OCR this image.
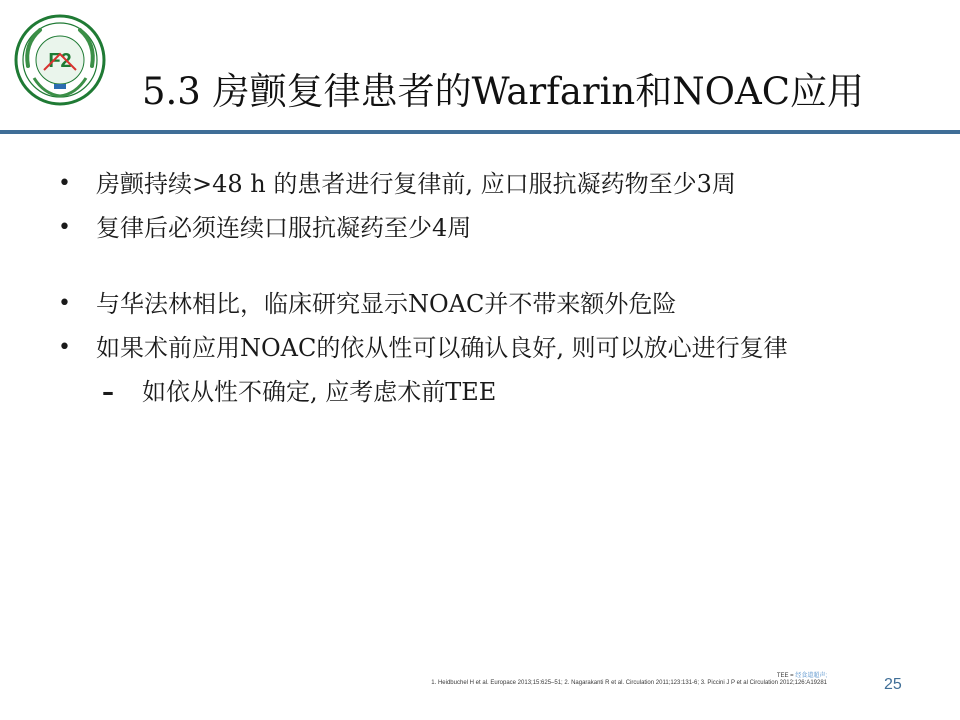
F2
5.3 房颤复律患者的Warfarin和NOAC应用
• 房颤持续>48 h 的患者进行复律前, 应口服抗凝药物至少3周
• 复律后必须连续口服抗凝药至少4周
• 与华法林相比，临床研究显示NOAC并不带来额外危险
• 如果术前应用NOAC的依从性可以确认良好, 则可以放心进行复律
– 如依从性不确定, 应考虑术前TEE
TEE = 经食道超声;
1. Heidbuchel H et al. Europace 2013;15:625–51; 2. Nagarakanti R et al. Circulation 2011;123:131-6; 3. Piccini J P et al Circulation 2012;126:A19281	25
